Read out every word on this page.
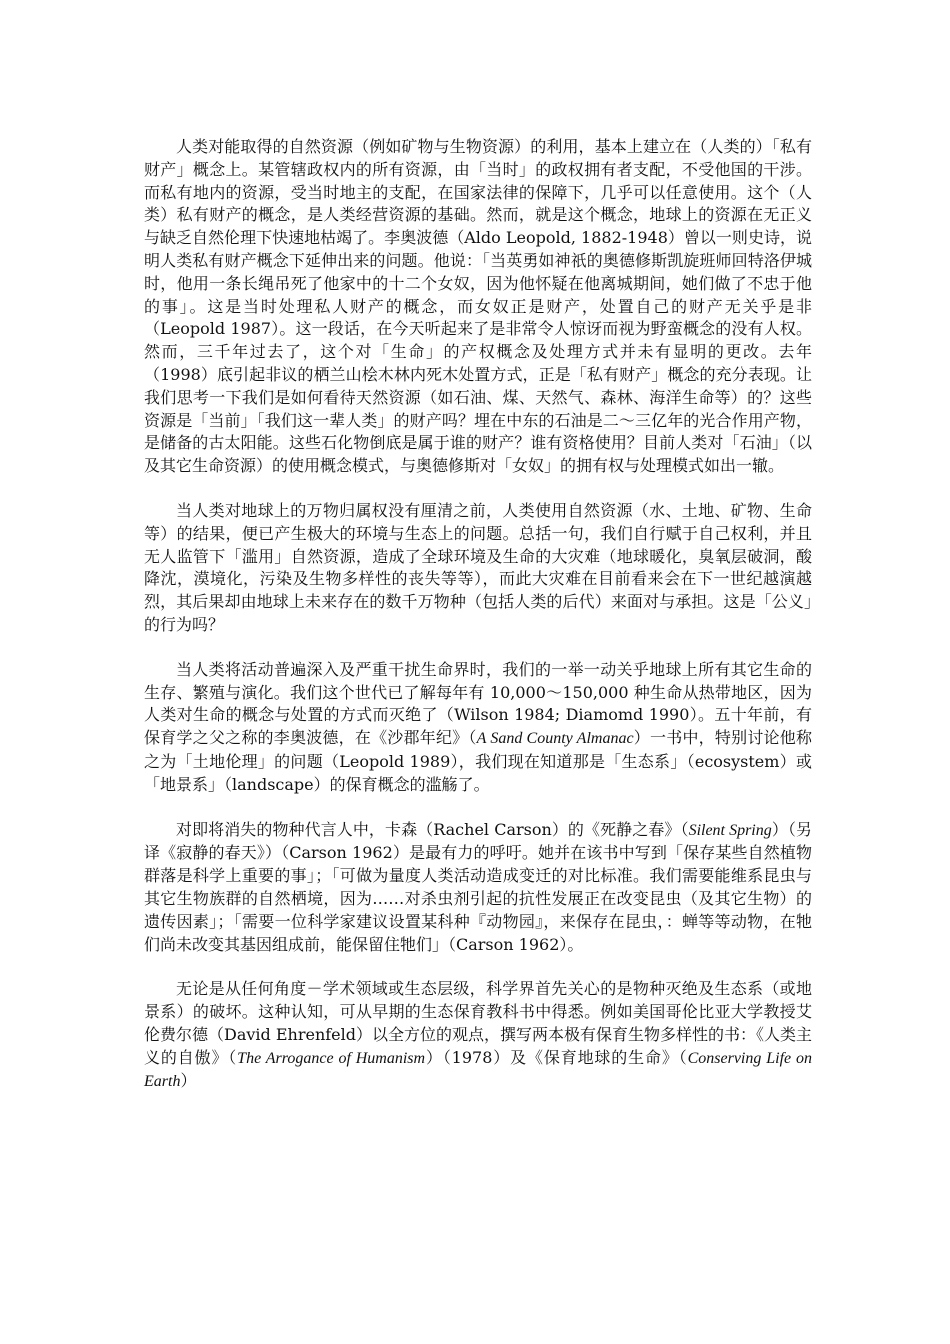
人类对能取得的自然资源（例如矿物与生物资源）的利用，基本上建立在（人类的）「私有财产」概念上。某管辖政权内的所有资源，由「当时」的政权拥有者支配，不受他国的干涉。而私有地内的资源，受当时地主的支配，在国家法律的保障下，几乎可以任意使用。这个（人类）私有财产的概念，是人类经营资源的基础。然而，就是这个概念，地球上的资源在无正义与缺乏自然伦理下快速地枯竭了。李奥波德（Aldo Leopold, 1882-1948）曾以一则史诗，说明人类私有财产概念下延伸出来的问题。他说：「当英勇如神祇的奥德修斯凯旋班师回特洛伊城时，他用一条长绳吊死了他家中的十二个女奴，因为他怀疑在他离城期间，她们做了不忠于他的事」。这是当时处理私人财产的概念，而女奴正是财产，处置自己的财产无关乎是非（Leopold 1987）。这一段话，在今天听起来了是非常令人惊讶而视为野蛮概念的没有人权。然而，三千年过去了，这个对「生命」的产权概念及处理方式并未有显明的更改。去年（1998）底引起非议的栖兰山桧木林内死木处置方式，正是「私有财产」概念的充分表现。让我们思考一下我们是如何看待天然资源（如石油、煤、天然气、森林、海洋生命等）的？这些资源是「当前」「我们这一辈人类」的财产吗？埋在中东的石油是二～三亿年的光合作用产物，是储备的古太阳能。这些石化物倒底是属于谁的财产？谁有资格使用？目前人类对「石油」（以及其它生命资源）的使用概念模式，与奥德修斯对「女奴」的拥有权与处理模式如出一辙。

当人类对地球上的万物归属权没有厘清之前，人类使用自然资源（水、土地、矿物、生命等）的结果，便已产生极大的环境与生态上的问题。总括一句，我们自行赋于自己权利，并且无人监管下「滥用」自然资源，造成了全球环境及生命的大灾难（地球暖化，臭氧层破洞，酸降沈，漠境化，污染及生物多样性的丧失等等），而此大灾难在目前看来会在下一世纪越演越烈，其后果却由地球上未来存在的数千万物种（包括人类的后代）来面对与承担。这是「公义」的行为吗？

当人类将活动普遍深入及严重干扰生命界时，我们的一举一动关乎地球上所有其它生命的生存、繁殖与演化。我们这个世代已了解每年有 10,000～150,000 种生命从热带地区，因为人类对生命的概念与处置的方式而灭绝了（Wilson 1984; Diamomd 1990）。五十年前，有保育学之父之称的李奥波德，在《沙郡年纪》（A Sand County Almanac）一书中，特别讨论他称之为「土地伦理」的问题（Leopold 1989），我们现在知道那是「生态系」（ecosystem）或「地景系」（landscape）的保育概念的滥觞了。

对即将消失的物种代言人中，卡森（Rachel Carson）的《死静之春》（Silent Spring）（另译《寂静的春天》）（Carson 1962）是最有力的呼吁。她并在该书中写到「保存某些自然植物群落是科学上重要的事」；「可做为量度人类活动造成变迁的对比标准。我们需要能维系昆虫与其它生物族群的自然栖境，因为……对杀虫剂引起的抗性发展正在改变昆虫（及其它生物）的遗传因素」；「需要一位科学家建议设置某科种『动物园』，来保存在昆虫，：蝉等等动物，在牠们尚未改变其基因组成前，能保留住牠们」（Carson 1962）。

无论是从任何角度－学术领域或生态层级，科学界首先关心的是物种灭绝及生态系（或地景系）的破坏。这种认知，可从早期的生态保育教科书中得悉。例如美国哥伦比亚大学教授艾伦费尔德（David Ehrenfeld）以全方位的观点，撰写两本极有保育生物多样性的书：《人类主义的自傲》（The Arrogance of Humanism）（1978）及《保育地球的生命》（Conserving Life on Earth）
